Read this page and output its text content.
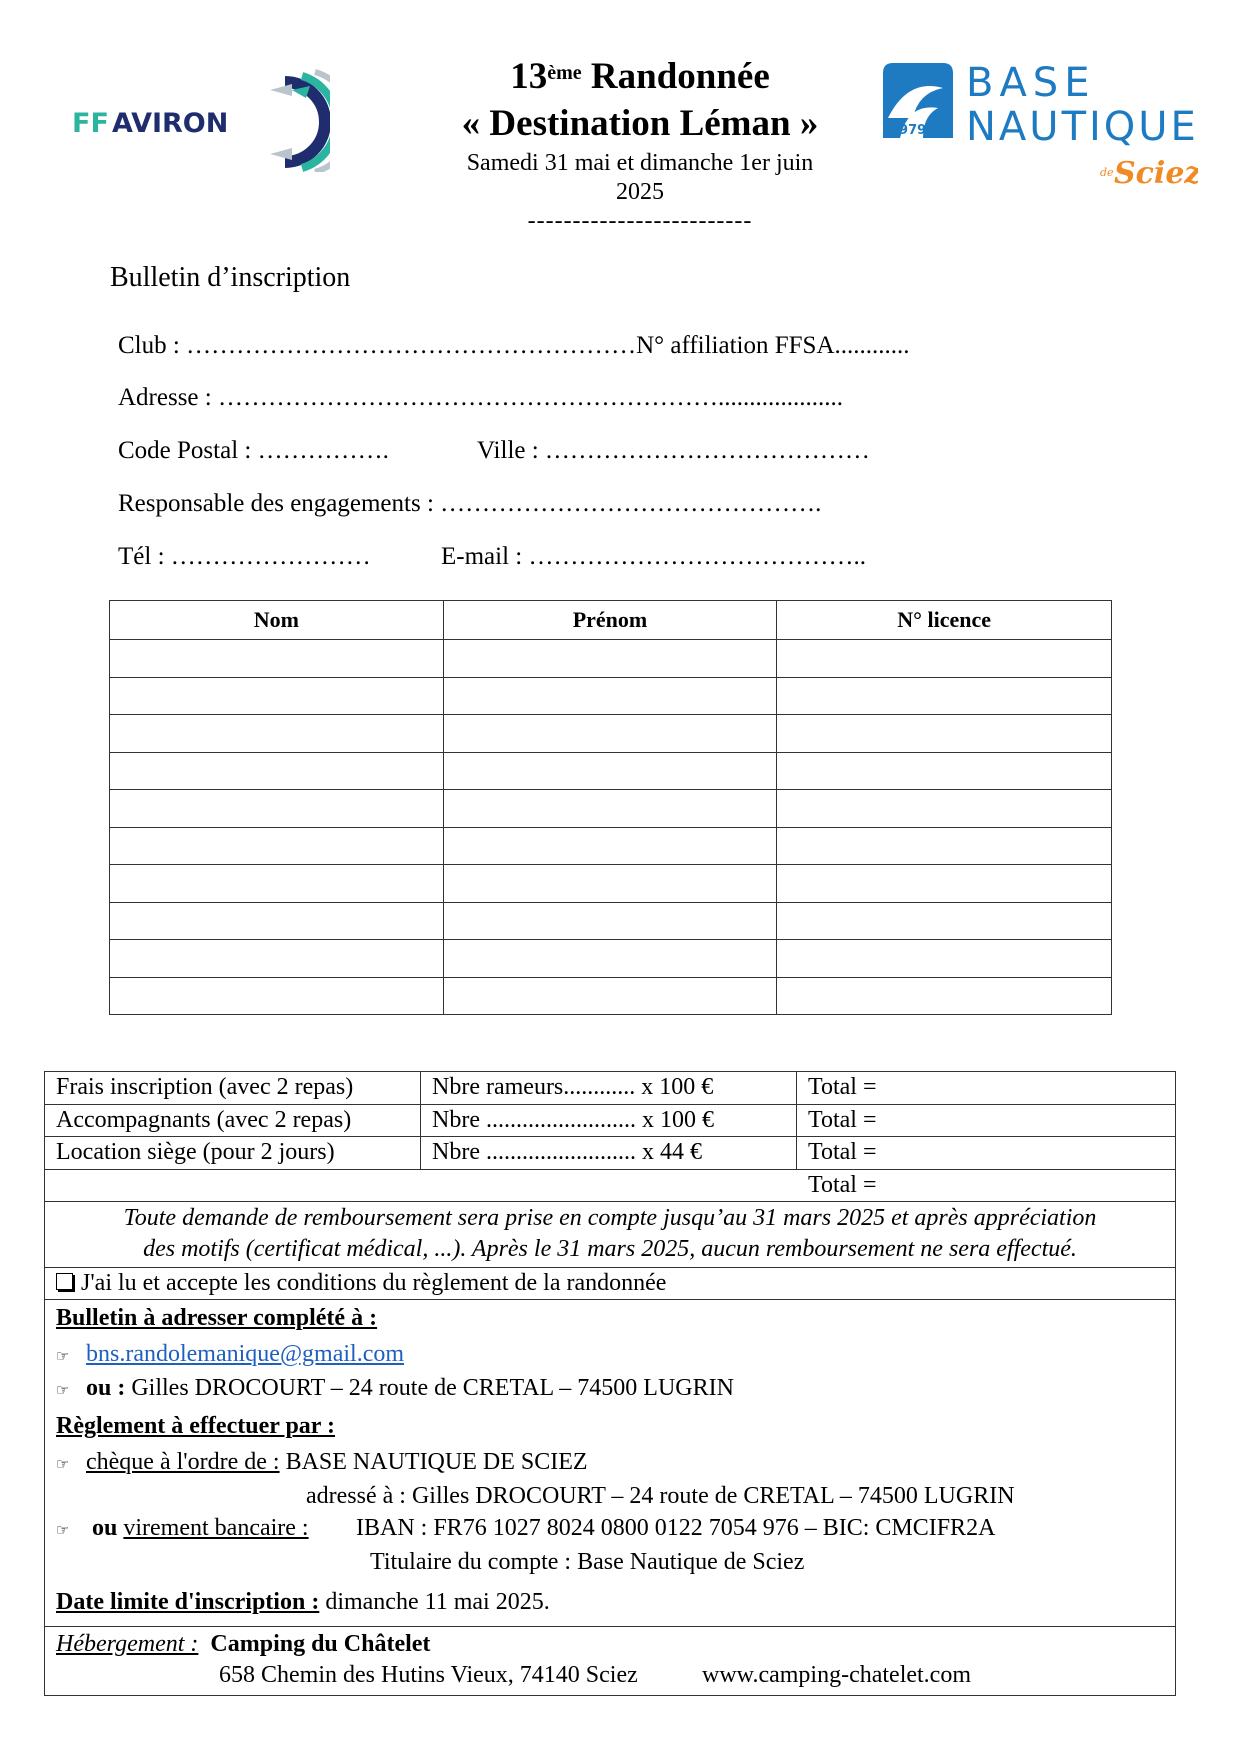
FF AVIRON	1979
BASE
NAUTIQUE
de Sciez
13ème Randonnée
« Destination Léman »
Samedi 31 mai et dimanche 1er juin
2025
-------------------------
Bulletin d’inscription
Club : ………………………………………………N° affiliation FFSA............
Adresse : ……………………………………………………....................
Code Postal : …………….	Ville : …………………………………
Responsable des engagements : ……………………………………….
Tél : ……………………	E-mail : …………………………………..
Nom	Prénom	N° licence

Frais inscription (avec 2 repas)	Nbre rameurs............ x 100 €	Total =
Accompagnants (avec 2 repas)	Nbre ......................... x 100 €	Total =
Location siège (pour 2 jours)	Nbre ......................... x 44 €	Total =
Total =
Toute demande de remboursement sera prise en compte jusqu’au 31 mars 2025 et après appréciation
des motifs (certificat médical, ...). Après le 31 mars 2025, aucun remboursement ne sera effectué.
J'ai lu et accepte les conditions du règlement de la randonnée
Bulletin à adresser complété à :
☞ bns.randolemanique@gmail.com
☞ ou : Gilles DROCOURT – 24 route de CRETAL – 74500 LUGRIN
Règlement à effectuer par :
☞ chèque à l'ordre de : BASE NAUTIQUE DE SCIEZ
adressé à : Gilles DROCOURT – 24 route de CRETAL – 74500 LUGRIN
☞ ou virement bancaire : IBAN : FR76 1027 8024 0800 0122 7054 976 – BIC: CMCIFR2A
Titulaire du compte : Base Nautique de Sciez
Date limite d'inscription : dimanche 11 mai 2025.
Hébergement : Camping du Châtelet
658 Chemin des Hutins Vieux, 74140 Sciez	www.camping-chatelet.com
